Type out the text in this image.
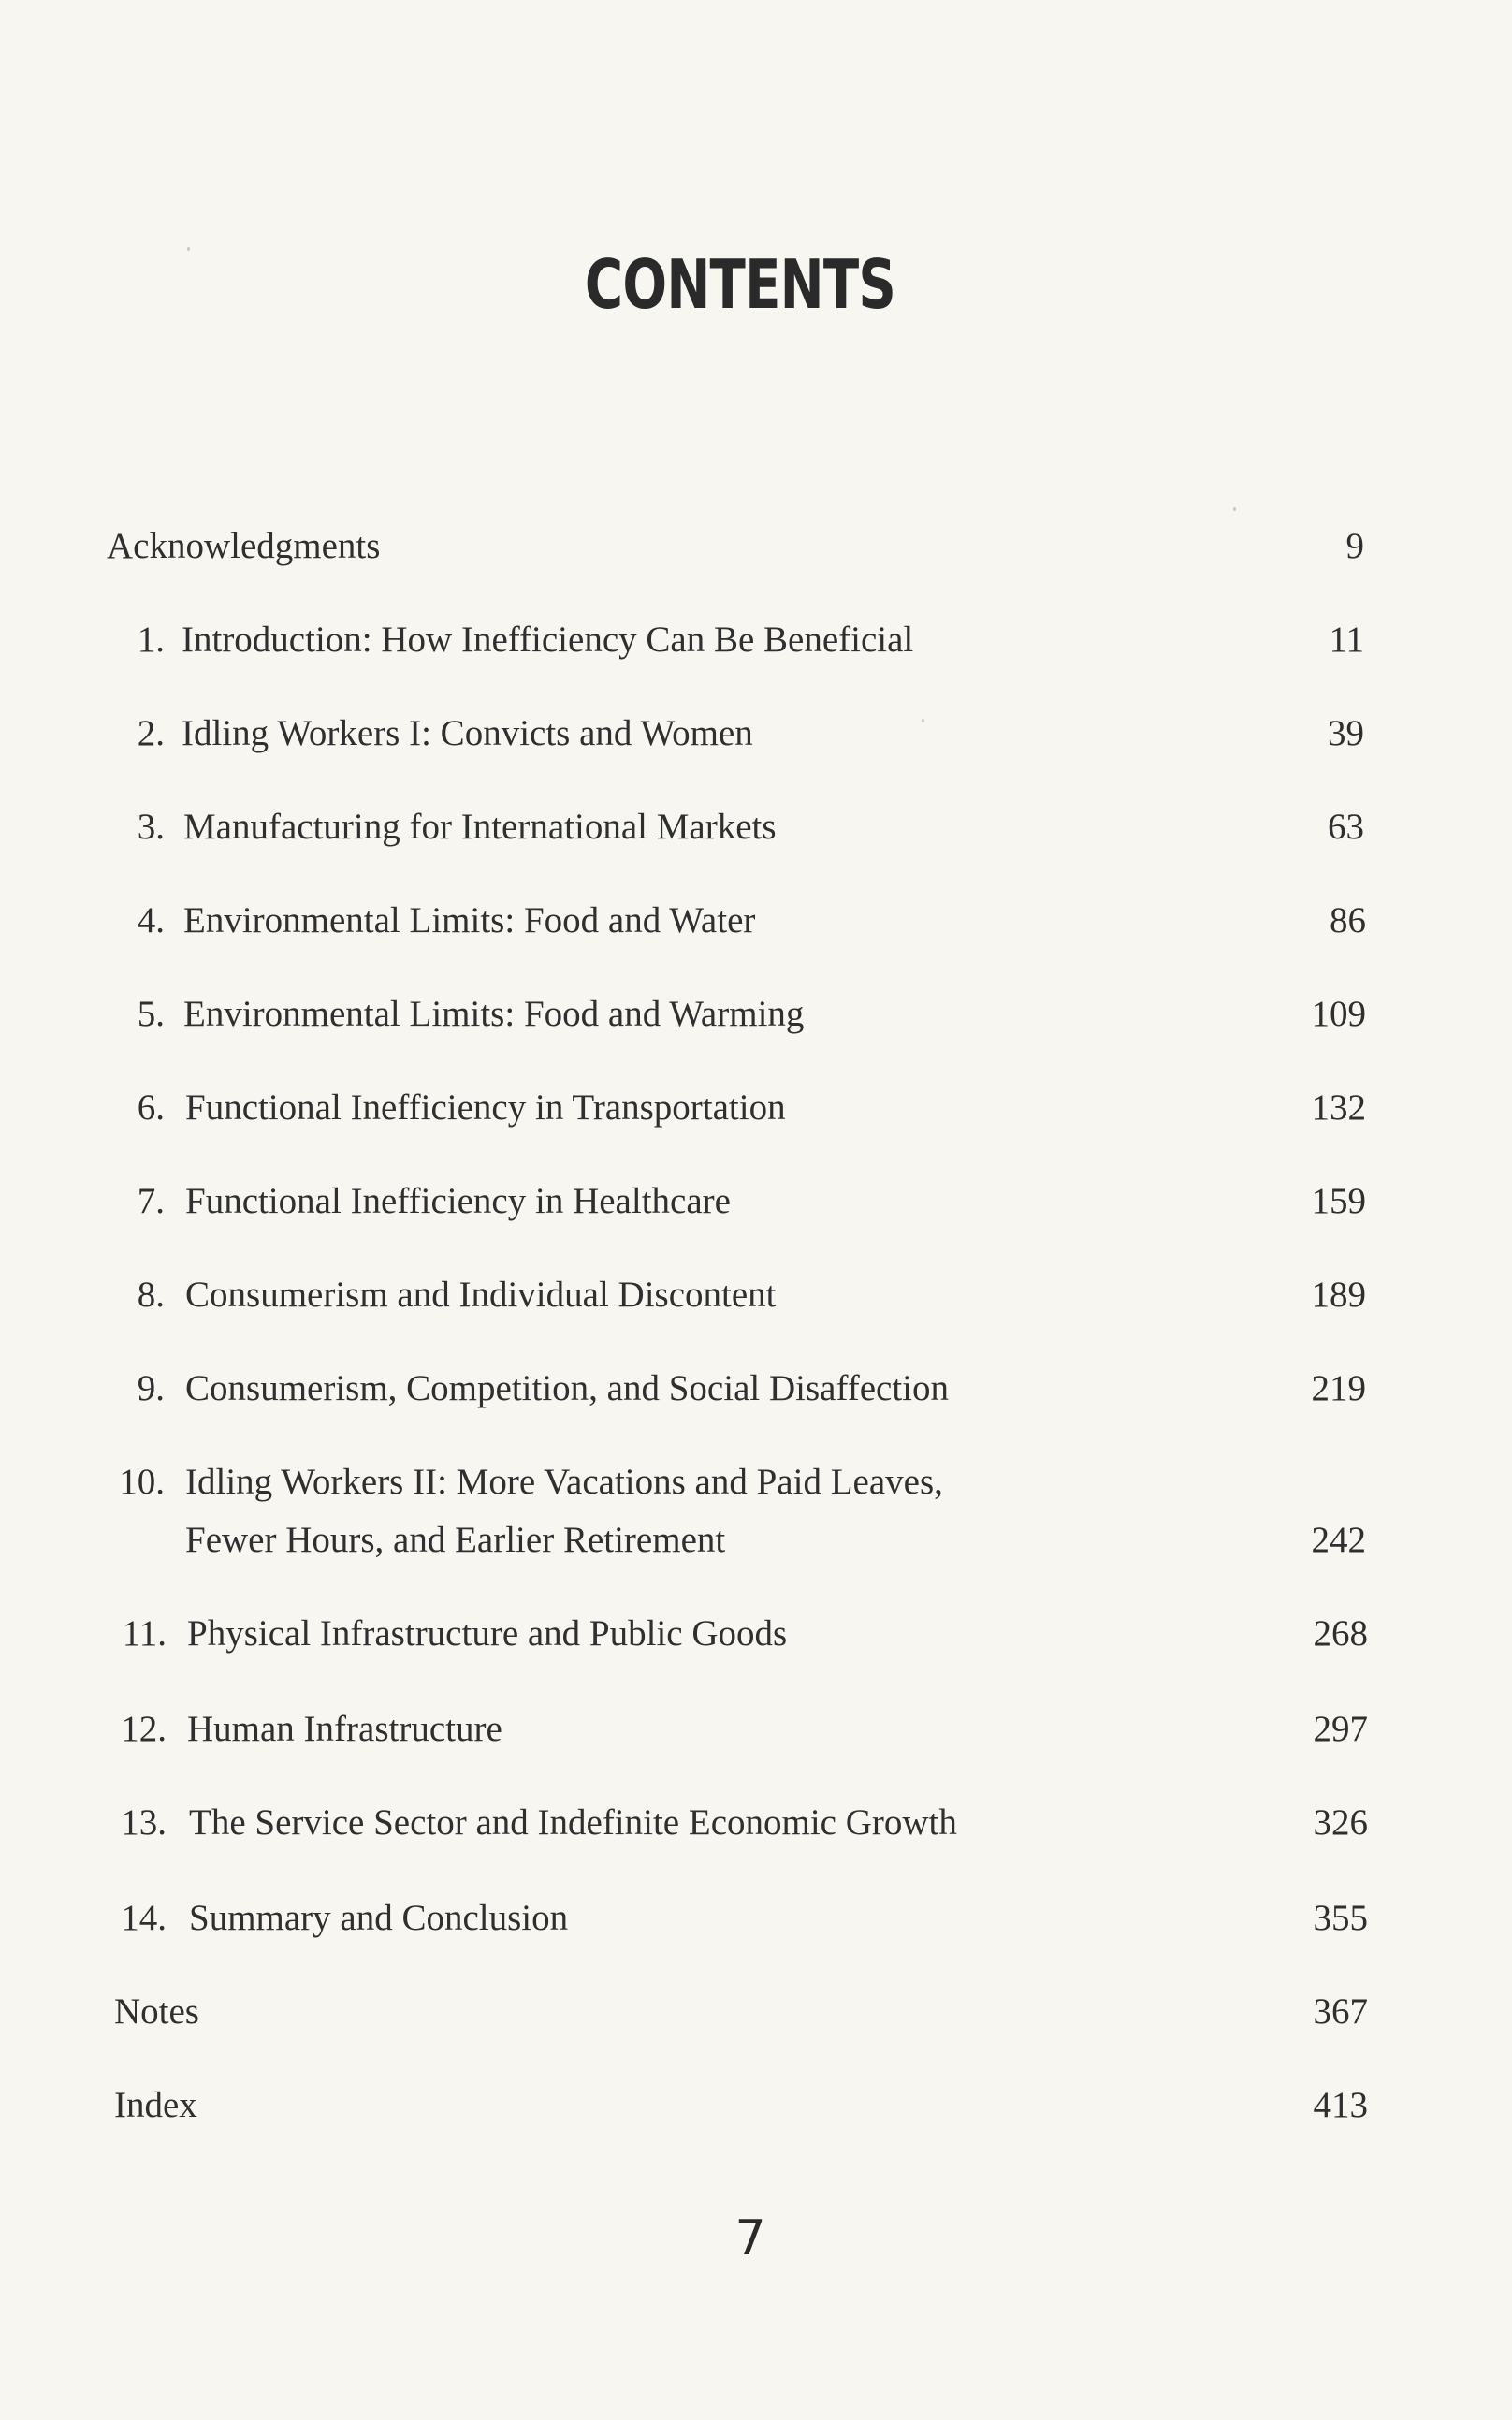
CONTENTS
Acknowledgments	9
1. Introduction: How Inefficiency Can Be Beneficial	11
2. Idling Workers I: Convicts and Women	39
3. Manufacturing for International Markets	63
4. Environmental Limits: Food and Water	86
5. Environmental Limits: Food and Warming	109
6. Functional Inefficiency in Transportation	132
7. Functional Inefficiency in Healthcare	159
8. Consumerism and Individual Discontent	189
9. Consumerism, Competition, and Social Disaffection	219
10. Idling Workers II: More Vacations and Paid Leaves,
Fewer Hours, and Earlier Retirement	242
11. Physical Infrastructure and Public Goods	268
12. Human Infrastructure	297
13. The Service Sector and Indefinite Economic Growth	326
14. Summary and Conclusion	355
Notes	367
Index	413
7
